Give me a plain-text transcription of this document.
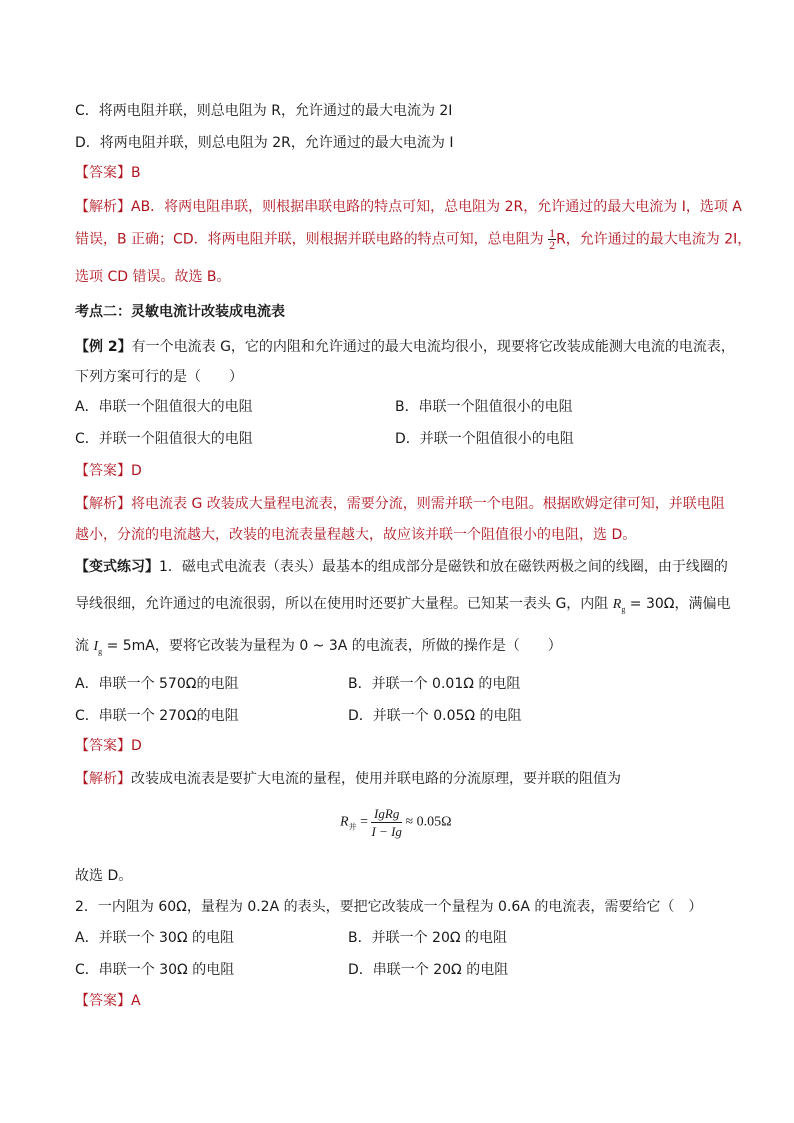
C．将两电阻并联，则总电阻为 R，允许通过的最大电流为 2I
D．将两电阻并联，则总电阻为 2R，允许通过的最大电流为 I
【答案】B
【解析】AB．将两电阻串联，则根据串联电路的特点可知，总电阻为 2R，允许通过的最大电流为 I，选项 A
错误，B 正确；CD．将两电阻并联，则根据并联电路的特点可知，总电阻为 $\frac{1}{2}$ R，允许通过的最大电流为 2I，
选项 CD 错误。故选 B。
考点二：灵敏电流计改装成电流表
【例 2】有一个电流表 G，它的内阻和允许通过的最大电流均很小，现要将它改装成能测大电流的电流表，
下列方案可行的是（　　）
A．串联一个阻值很大的电阻	B．串联一个阻值很小的电阻
C．并联一个阻值很大的电阻	D．并联一个阻值很小的电阻
【答案】D
【解析】将电流表 G 改装成大量程电流表，需要分流，则需并联一个电阻。根据欧姆定律可知，并联电阻
越小，分流的电流越大，改装的电流表量程越大，故应该并联一个阻值很小的电阻，选 D。
【变式练习】1．磁电式电流表（表头）最基本的组成部分是磁铁和放在磁铁两极之间的线圈，由于线圈的
导线很细，允许通过的电流很弱，所以在使用时还要扩大量程。已知某一表头 G，内阻 $R_g = 30\Omega$，满偏电
流 $I_g = 5mA$，要将它改装为量程为 0 ~ 3A 的电流表，所做的操作是（　　）
A．串联一个 570Ω的电阻	B．并联一个 0.01Ω 的电阻
C．串联一个 270Ω的电阻	D．并联一个 0.05Ω 的电阻
【答案】D
【解析】改装成电流表是要扩大电流的量程，使用并联电路的分流原理，要并联的阻值为
$R_并$ =
IgRg
I − Ig
≈ 0.05Ω
故选 D。
2．一内阻为 60Ω，量程为 0.2A 的表头，要把它改装成一个量程为 0.6A 的电流表，需要给它（　）
A．并联一个 30Ω 的电阻	B．并联一个 20Ω 的电阻
C．串联一个 30Ω 的电阻	D．串联一个 20Ω 的电阻
【答案】A
